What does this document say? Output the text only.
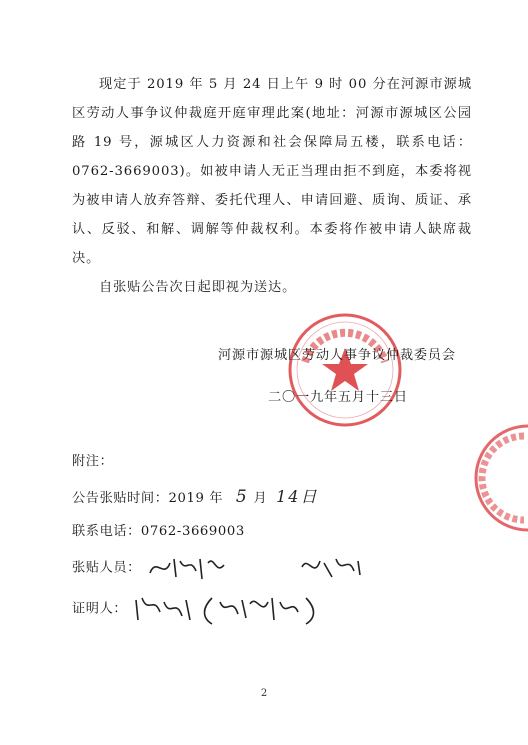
现定于 2019 年 5 月 24 日上午 9 时 00 分在河源市源城区劳动人事争议仲裁庭开庭审理此案(地址：河源市源城区公园路 19 号，源城区人力资源和社会保障局五楼，联系电话：0762-3669003)。如被申请人无正当理由拒不到庭，本委将视为被申请人放弃答辩、委托代理人、申请回避、质询、质证、承认、反驳、和解、调解等仲裁权利。本委将作被申请人缺席裁决。

自张贴公告次日起即视为送达。

河源市源城区劳动人事争议仲裁委员会
二〇一九年五月十三日
附注：
公告张贴时间：2019 年 5 月 14日
联系电话：0762-3669003
张贴人员：
证明人：
2
